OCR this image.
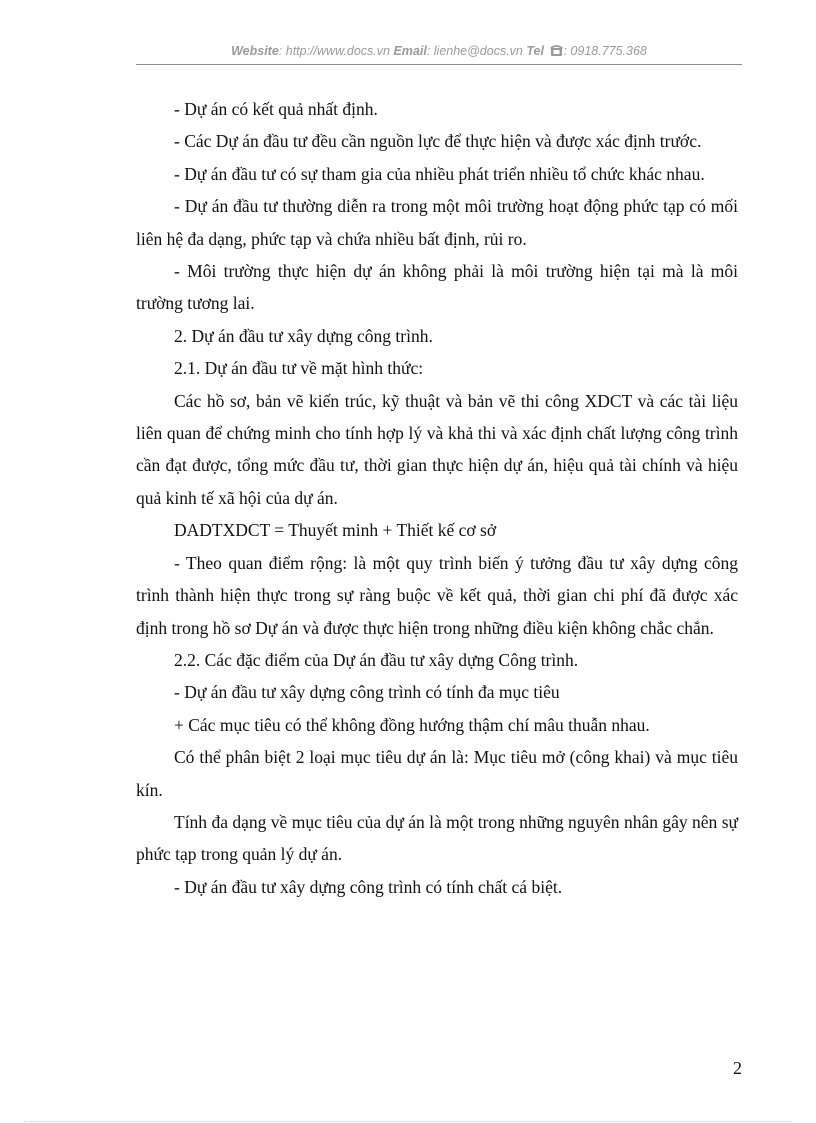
Website: http://www.docs.vn Email: lienhe@docs.vn Tel : 0918.775.368

- Dự án có kết quả nhất định.

- Các Dự án đầu tư đều cần nguồn lực để thực hiện và được xác định trước.

- Dự án đầu tư có sự tham gia của nhiều phát triển nhiều tổ chức khác nhau.

- Dự án đầu tư thường diễn ra trong một môi trường hoạt động phức tạp có mối liên hệ đa dạng, phức tạp và chứa nhiều bất định, rủi ro.

- Môi trường thực hiện dự án không phải là môi trường hiện tại mà là môi trường tương lai.

2. Dự án đầu tư xây dựng công trình.

2.1. Dự án đầu tư về mặt hình thức:

Các hồ sơ, bản vẽ kiến trúc, kỹ thuật và bản vẽ thi công XDCT và các tài liệu liên quan để chứng minh cho tính hợp lý và khả thi và xác định chất lượng công trình cần đạt được, tổng mức đầu tư, thời gian thực hiện dự án, hiệu quả tài chính và hiệu quả kinh tế xã hội của dự án.

DADTXDCT = Thuyết minh + Thiết kế cơ sở

- Theo quan điểm rộng: là một quy trình biến ý tưởng đầu tư xây dựng công trình thành hiện thực trong sự ràng buộc về kết quả, thời gian chi phí đã được xác định trong hồ sơ Dự án và được thực hiện trong những điều kiện không chắc chắn.

2.2. Các đặc điểm của Dự án đầu tư xây dựng Công trình.

- Dự án đầu tư xây dựng công trình có tính đa mục tiêu

+ Các mục tiêu có thể không đồng hướng thậm chí mâu thuẫn nhau.

Có thể phân biệt 2 loại mục tiêu dự án là: Mục tiêu mở (công khai) và mục tiêu kín.

Tính đa dạng về mục tiêu của dự án là một trong những nguyên nhân gây nên sự phức tạp trong quản lý dự án.

- Dự án đầu tư xây dựng công trình có tính chất cá biệt.

2
